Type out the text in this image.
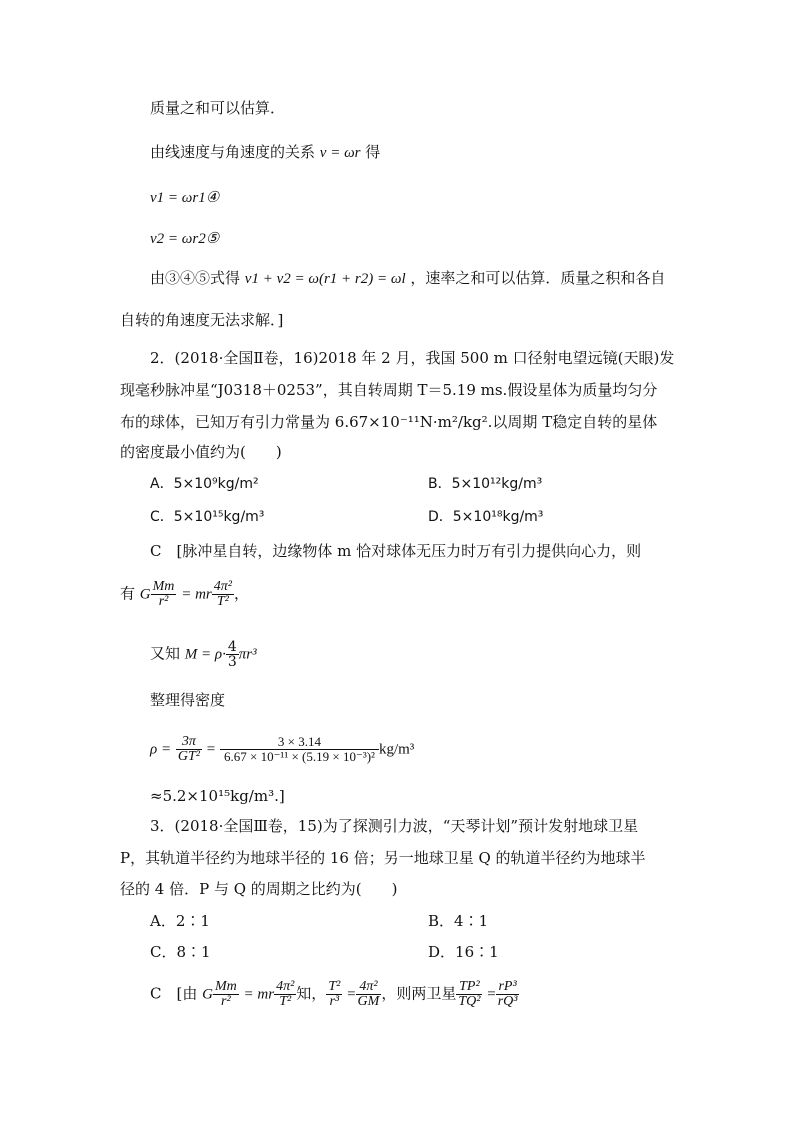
质量之和可以估算．
由线速度与角速度的关系 v = ωr 得
v1 = ωr1④
v2 = ωr2⑤
由③④⑤式得 v1 + v2 = ω(r1 + r2) = ωl ，速率之和可以估算．质量之积和各自
自转的角速度无法求解．]
2．(2018·全国Ⅱ卷，16)2018 年 2 月，我国 500 m 口径射电望远镜(天眼)发
现毫秒脉冲星“J0318＋0253”，其自转周期 T＝5.19 ms.假设星体为质量均匀分
布的球体，已知万有引力常量为 6.67×10⁻¹¹N·m²/kg².以周期 T稳定自转的星体
的密度最小值约为(　　)
A．5×10⁹kg/m²	B．5×10¹²kg/m³
C．5×10¹⁵kg/m³	D．5×10¹⁸kg/m³
C　[脉冲星自转，边缘物体 m 恰对球体无压力时万有引力提供向心力，则
有 G $\frac{Mm}{\text{r²}}$ = mr $\frac{\text{4π²}}{\text{T²}}$ ，
又知 $M = \rho\cdot \frac{4}{3} \pi r^3$
整理得密度
$\rho = \frac{3\pi}{\text{GT²}} = \frac{3 \times 3.14}{\text{6.67 × 10⁻¹¹ × (5.19 × 10⁻³)²}} kg/m^3$
≈5.2×10¹⁵kg/m³.]
3．(2018·全国Ⅲ卷，15)为了探测引力波，“天琴计划”预计发射地球卫星
P，其轨道半径约为地球半径的 16 倍；另一地球卫星 Q 的轨道半径约为地球半
径的 4 倍．P 与 Q 的周期之比约为(　　)
A．2∶1	B．4∶1
C．8∶1	D．16∶1
C　[由 G $\frac{Mm}{\text{r²}}$ = mr $\frac{\text{4π²}}{\text{T²}}$ 知， $\frac{\text{T²}}{\text{r³}} = \frac{\text{4π²}}{GM}$ ，则两卫星 $\frac{\text{TP²}}{\text{TQ²}} = \frac{\text{rP³}}{\text{rQ³}}$
